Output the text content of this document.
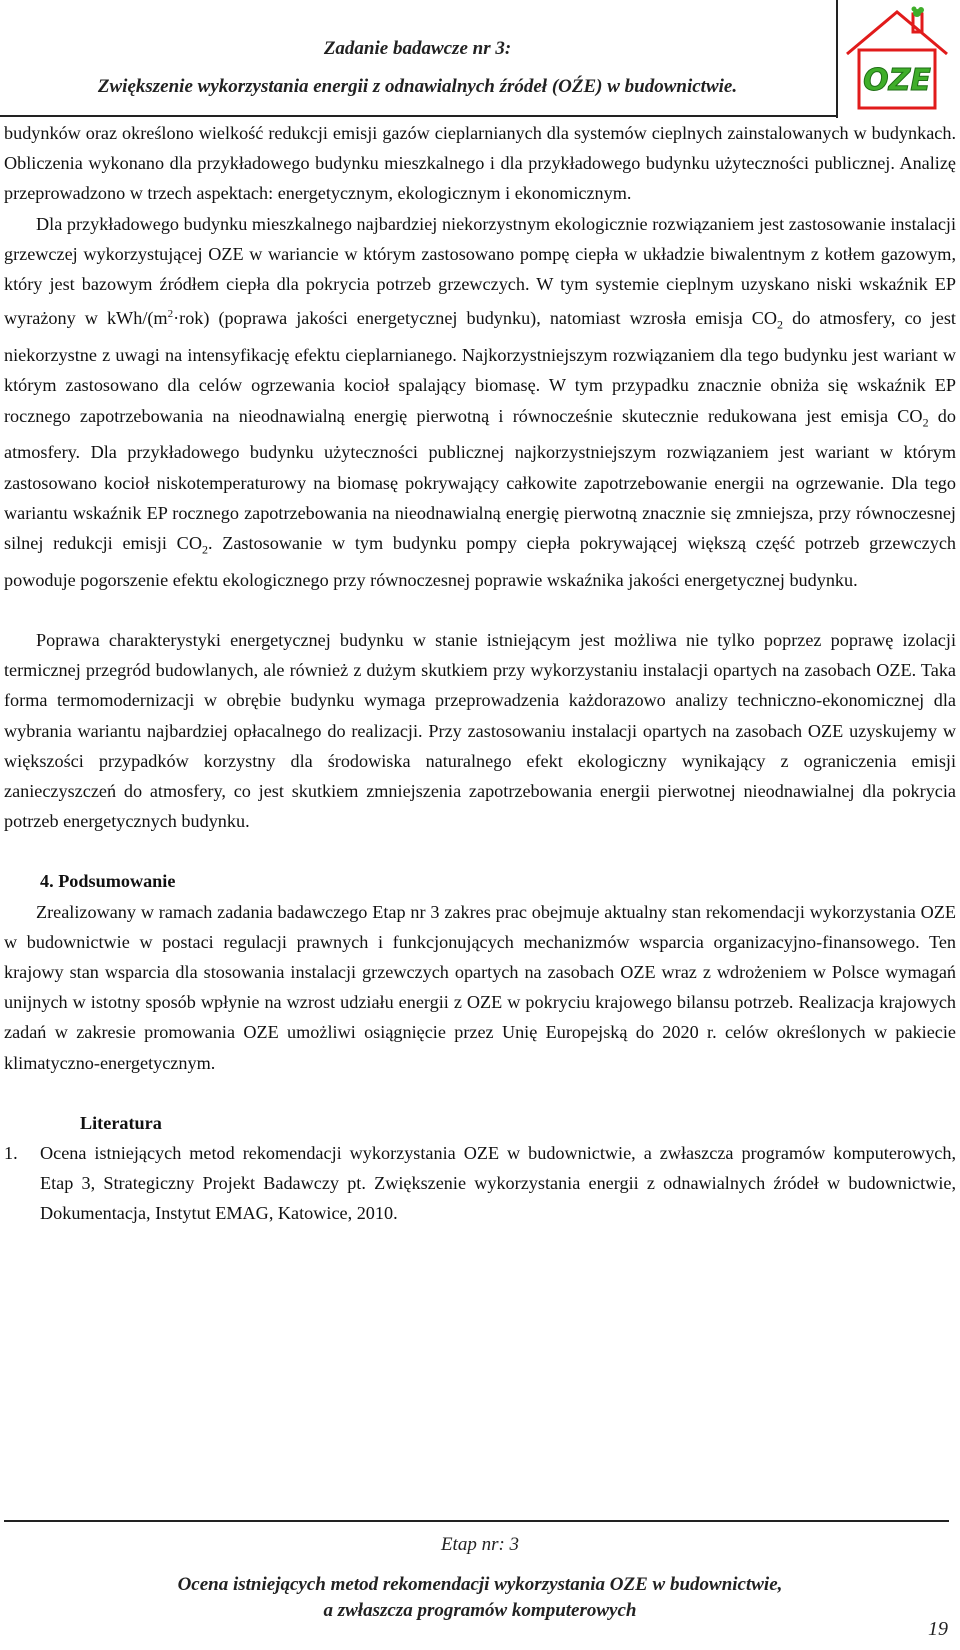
Zadanie badawcze nr 3:
Zwiększenie wykorzystania energii z odnawialnych źródeł (OŹE) w budownictwie.	OZE

budynków oraz określono wielkość redukcji emisji gazów cieplarnianych dla systemów cieplnych zainstalowanych w budynkach. Obliczenia wykonano dla przykładowego budynku mieszkalnego i dla przykładowego budynku użyteczności publicznej. Analizę przeprowadzono w trzech aspektach: energetycznym, ekologicznym i ekonomicznym.

Dla przykładowego budynku mieszkalnego najbardziej niekorzystnym ekologicznie rozwiązaniem jest zastosowanie instalacji grzewczej wykorzystującej OZE w wariancie w którym zastosowano pompę ciepła w układzie biwalentnym z kotłem gazowym, który jest bazowym źródłem ciepła dla pokrycia potrzeb grzewczych. W tym systemie cieplnym uzyskano niski wskaźnik EP wyrażony w kWh/$(m^2\cdot rok)$ (poprawa jakości energetycznej budynku), natomiast wzrosła emisja $CO_2$ do atmosfery, co jest niekorzystne z uwagi na intensyfikację efektu cieplarnianego. Najkorzystniejszym rozwiązaniem dla tego budynku jest wariant w którym zastosowano dla celów ogrzewania kocioł spalający biomasę. W tym przypadku znacznie obniża się wskaźnik EP rocznego zapotrzebowania na nieodnawialną energię pierwotną i równocześnie skutecznie redukowana jest emisja $CO_2$ do atmosfery. Dla przykładowego budynku użyteczności publicznej najkorzystniejszym rozwiązaniem jest wariant w którym zastosowano kocioł niskotemperaturowy na biomasę pokrywający całkowite zapotrzebowanie energii na ogrzewanie. Dla tego wariantu wskaźnik EP rocznego zapotrzebowania na nieodnawialną energię pierwotną znacznie się zmniejsza, przy równoczesnej silnej redukcji emisji $CO_2$. Zastosowanie w tym budynku pompy ciepła pokrywającej większą część potrzeb grzewczych powoduje pogorszenie efektu ekologicznego przy równoczesnej poprawie wskaźnika jakości energetycznej budynku.

Poprawa charakterystyki energetycznej budynku w stanie istniejącym jest możliwa nie tylko poprzez poprawę izolacji termicznej przegród budowlanych, ale również z dużym skutkiem przy wykorzystaniu instalacji opartych na zasobach OZE. Taka forma termomodernizacji w obrębie budynku wymaga przeprowadzenia każdorazowo analizy techniczno-ekonomicznej dla wybrania wariantu najbardziej opłacalnego do realizacji. Przy zastosowaniu instalacji opartych na zasobach OZE uzyskujemy w większości przypadków korzystny dla środowiska naturalnego efekt ekologiczny wynikający z ograniczenia emisji zanieczyszczeń do atmosfery, co jest skutkiem zmniejszenia zapotrzebowania energii pierwotnej nieodnawialnej dla pokrycia potrzeb energetycznych budynku.

4. Podsumowanie

Zrealizowany w ramach zadania badawczego Etap nr 3 zakres prac obejmuje aktualny stan rekomendacji wykorzystania OZE w budownictwie w postaci regulacji prawnych i funkcjonujących mechanizmów wsparcia organizacyjno-finansowego. Ten krajowy stan wsparcia dla stosowania instalacji grzewczych opartych na zasobach OZE wraz z wdrożeniem w Polsce wymagań unijnych w istotny sposób wpłynie na wzrost udziału energii z OZE w pokryciu krajowego bilansu potrzeb. Realizacja krajowych zadań w zakresie promowania OZE umożliwi osiągnięcie przez Unię Europejską do 2020 r. celów określonych w pakiecie klimatyczno-energetycznym.

Literatura

1. Ocena istniejących metod rekomendacji wykorzystania OZE w budownictwie, a zwłaszcza programów komputerowych, Etap 3, Strategiczny Projekt Badawczy pt. Zwiększenie wykorzystania energii z odnawialnych źródeł w budownictwie, Dokumentacja, Instytut EMAG, Katowice, 2010.
Etap nr: 3
Ocena istniejących metod rekomendacji wykorzystania OZE w budownictwie,
a zwłaszcza programów komputerowych
19
